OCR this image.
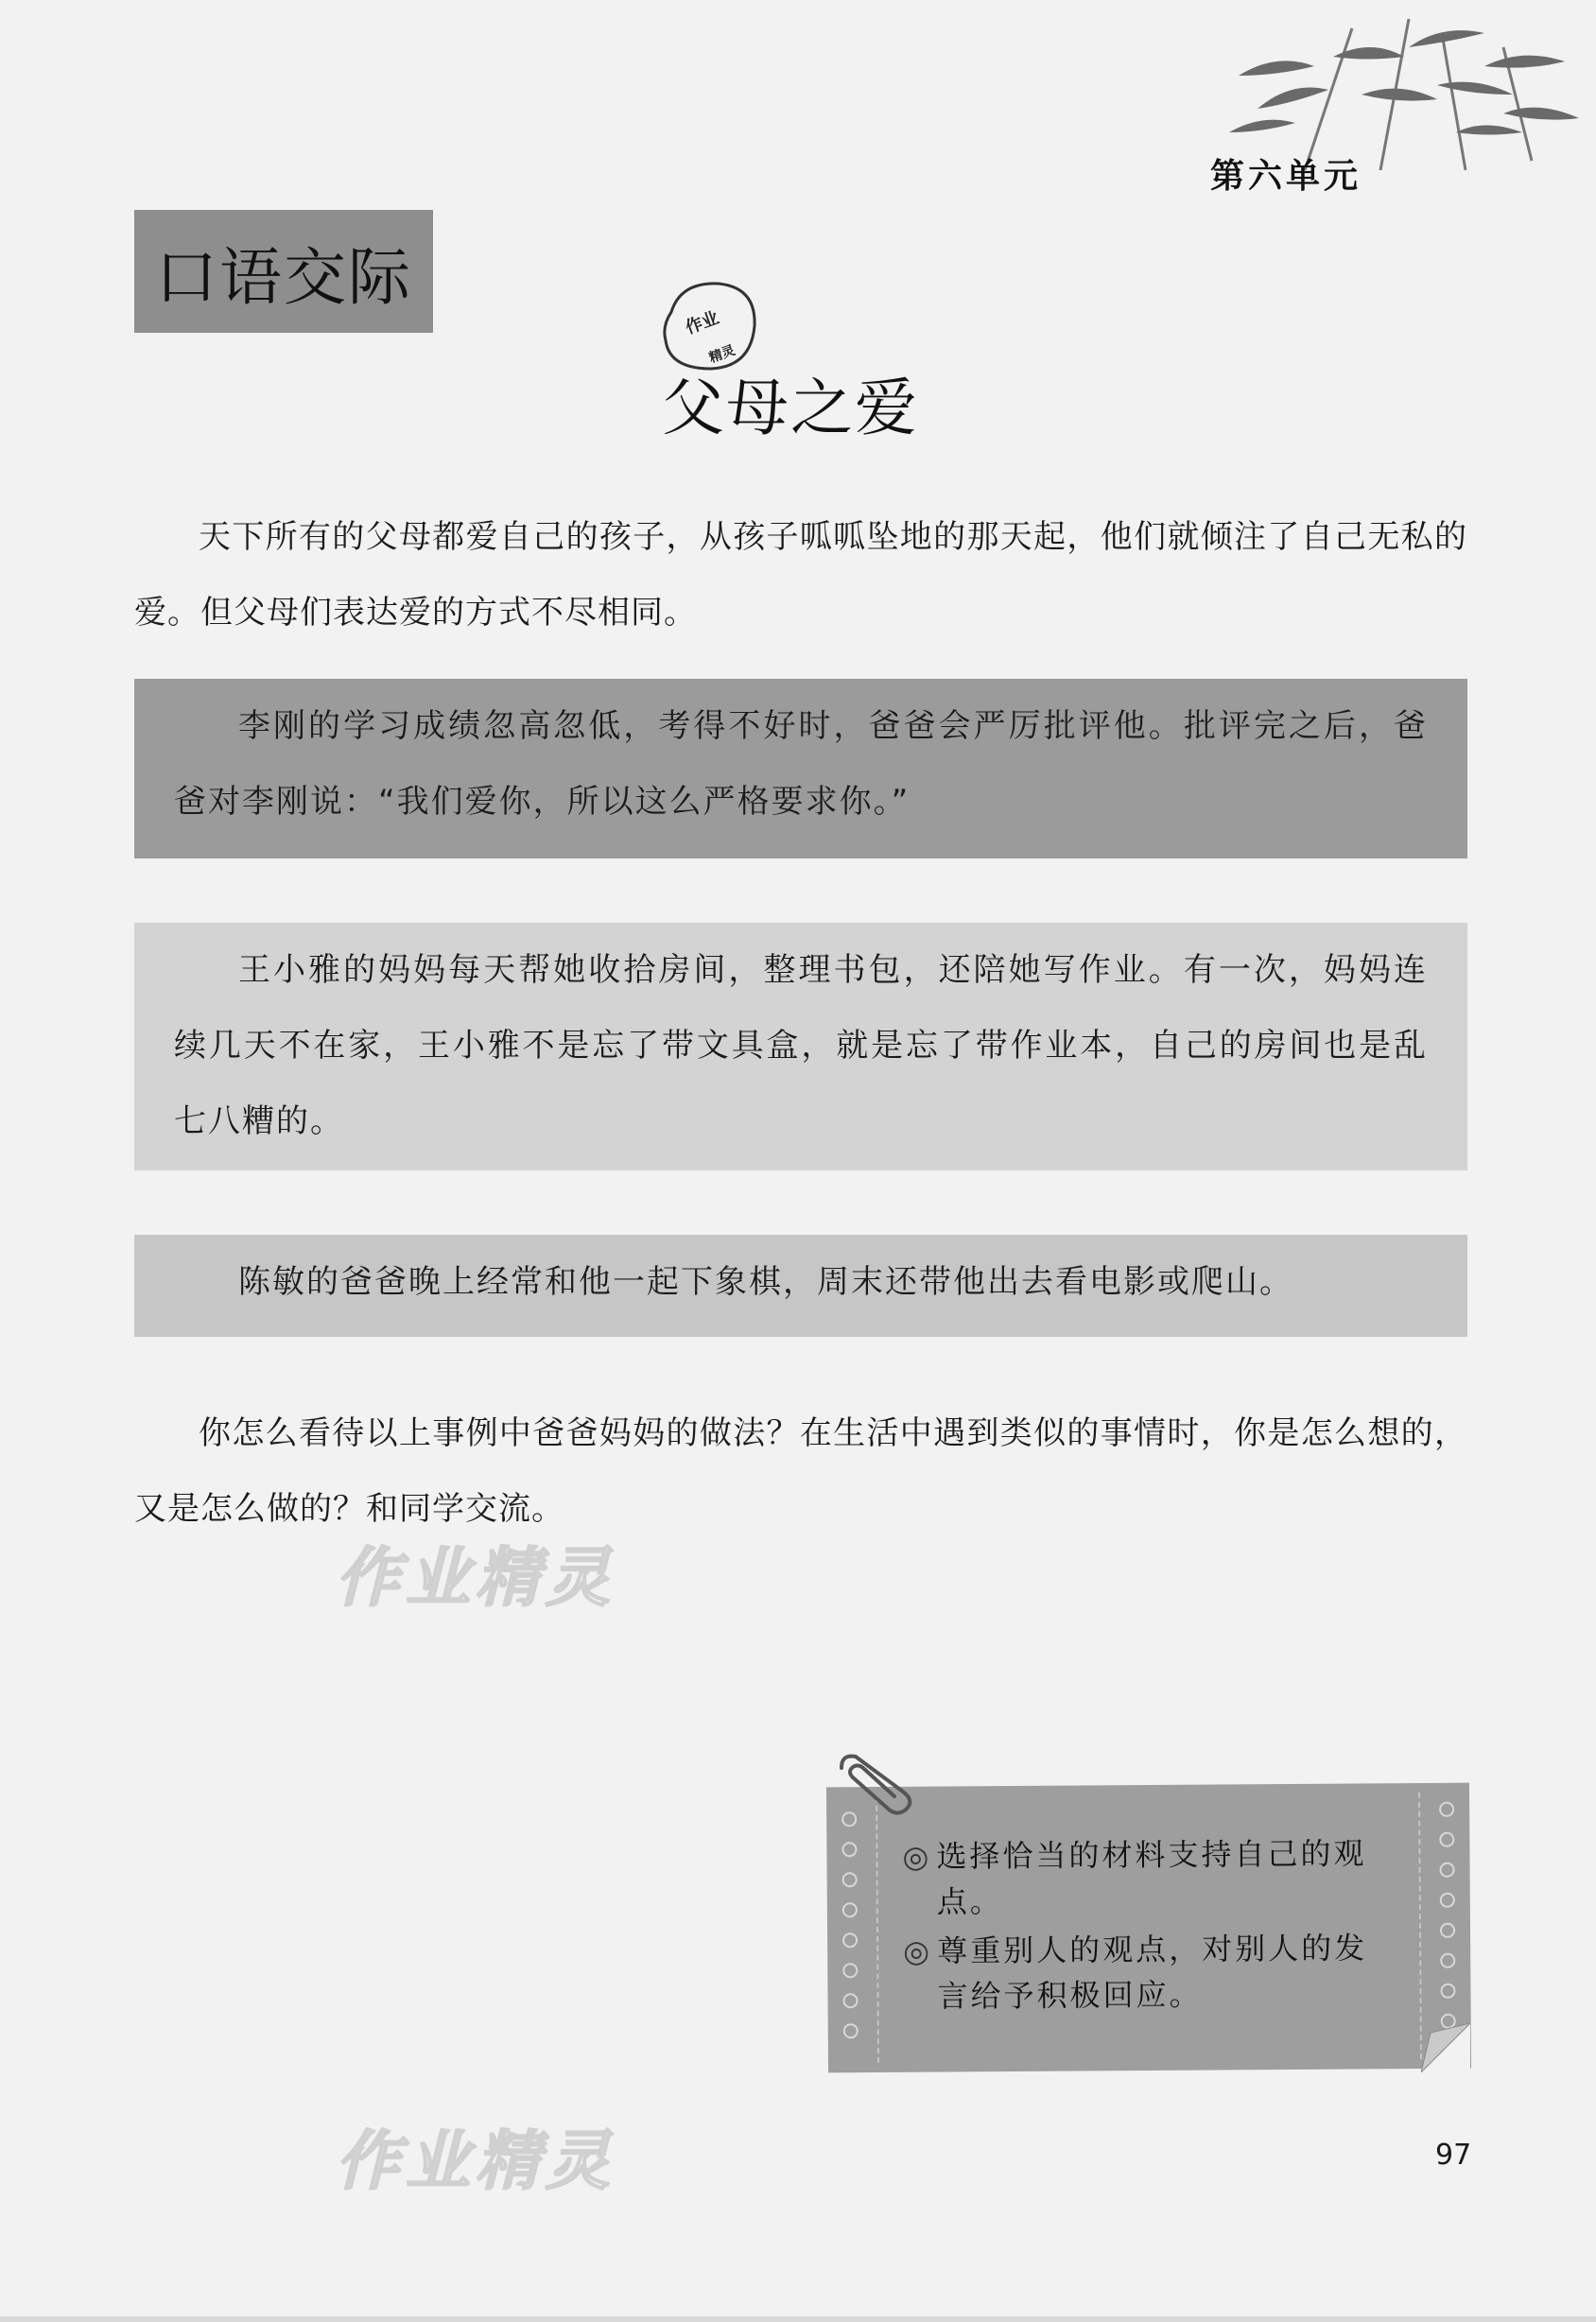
第六单元
口语交际
作业
精灵
父母之爱
天下所有的父母都爱自己的孩子，从孩子呱呱坠地的那天起，他们就倾注了自己无私的爱。但父母们表达爱的方式不尽相同。
李刚的学习成绩忽高忽低，考得不好时，爸爸会严厉批评他。批评完之后，爸爸对李刚说：“我们爱你，所以这么严格要求你。”
王小雅的妈妈每天帮她收拾房间，整理书包，还陪她写作业。有一次，妈妈连续几天不在家，王小雅不是忘了带文具盒，就是忘了带作业本，自己的房间也是乱七八糟的。
陈敏的爸爸晚上经常和他一起下象棋，周末还带他出去看电影或爬山。
你怎么看待以上事例中爸爸妈妈的做法？在生活中遇到类似的事情时，你是怎么想的，又是怎么做的？和同学交流。
作业精灵
作业精灵
◎ 选择恰当的材料支持自己的观点。
◎ 尊重别人的观点，对别人的发言给予积极回应。
97
